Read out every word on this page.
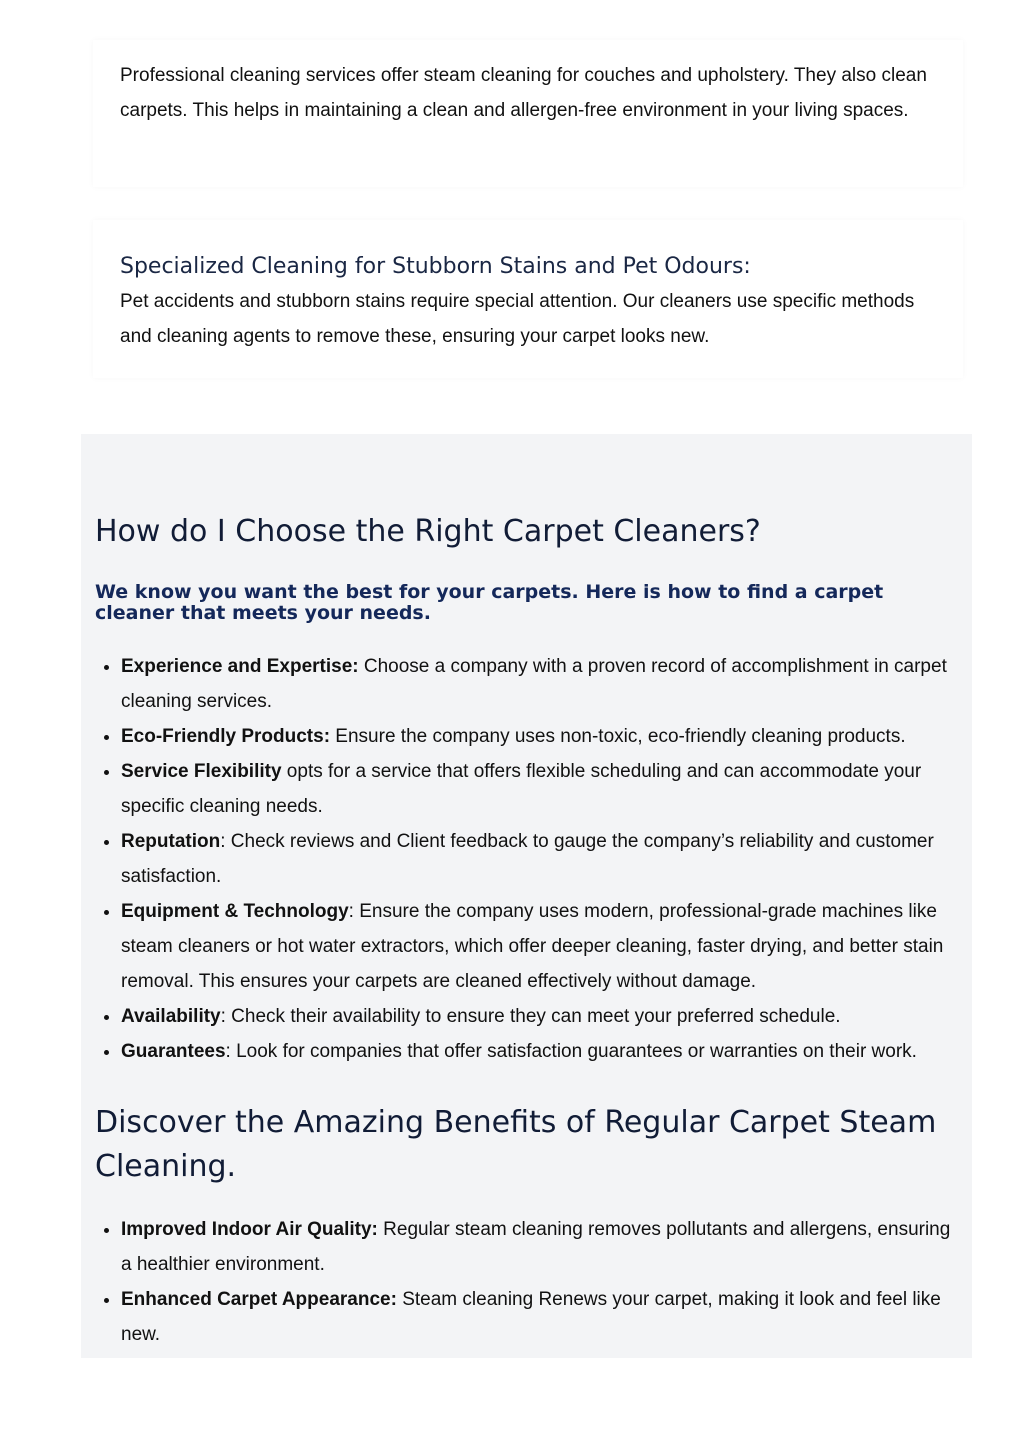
Professional cleaning services offer steam cleaning for couches and upholstery. They also clean carpets. This helps in maintaining a clean and allergen-free environment in your living spaces.

Specialized Cleaning for Stubborn Stains and Pet Odours:

Pet accidents and stubborn stains require special attention. Our cleaners use specific methods and cleaning agents to remove these, ensuring your carpet looks new.

How do I Choose the Right Carpet Cleaners?

We know you want the best for your carpets. Here is how to find a carpet cleaner that meets your needs.

• Experience and Expertise: Choose a company with a proven record of accomplishment in carpet cleaning services.
• Eco-Friendly Products: Ensure the company uses non-toxic, eco-friendly cleaning products.
• Service Flexibility opts for a service that offers flexible scheduling and can accommodate your specific cleaning needs.
• Reputation: Check reviews and Client feedback to gauge the company’s reliability and customer satisfaction.
• Equipment & Technology: Ensure the company uses modern, professional-grade machines like steam cleaners or hot water extractors, which offer deeper cleaning, faster drying, and better stain removal. This ensures your carpets are cleaned effectively without damage.
• Availability: Check their availability to ensure they can meet your preferred schedule.
• Guarantees: Look for companies that offer satisfaction guarantees or warranties on their work.
Discover the Amazing Benefits of Regular Carpet Steam Cleaning.
• Improved Indoor Air Quality: Regular steam cleaning removes pollutants and allergens, ensuring a healthier environment.
• Enhanced Carpet Appearance: Steam cleaning Renews your carpet, making it look and feel like new.
